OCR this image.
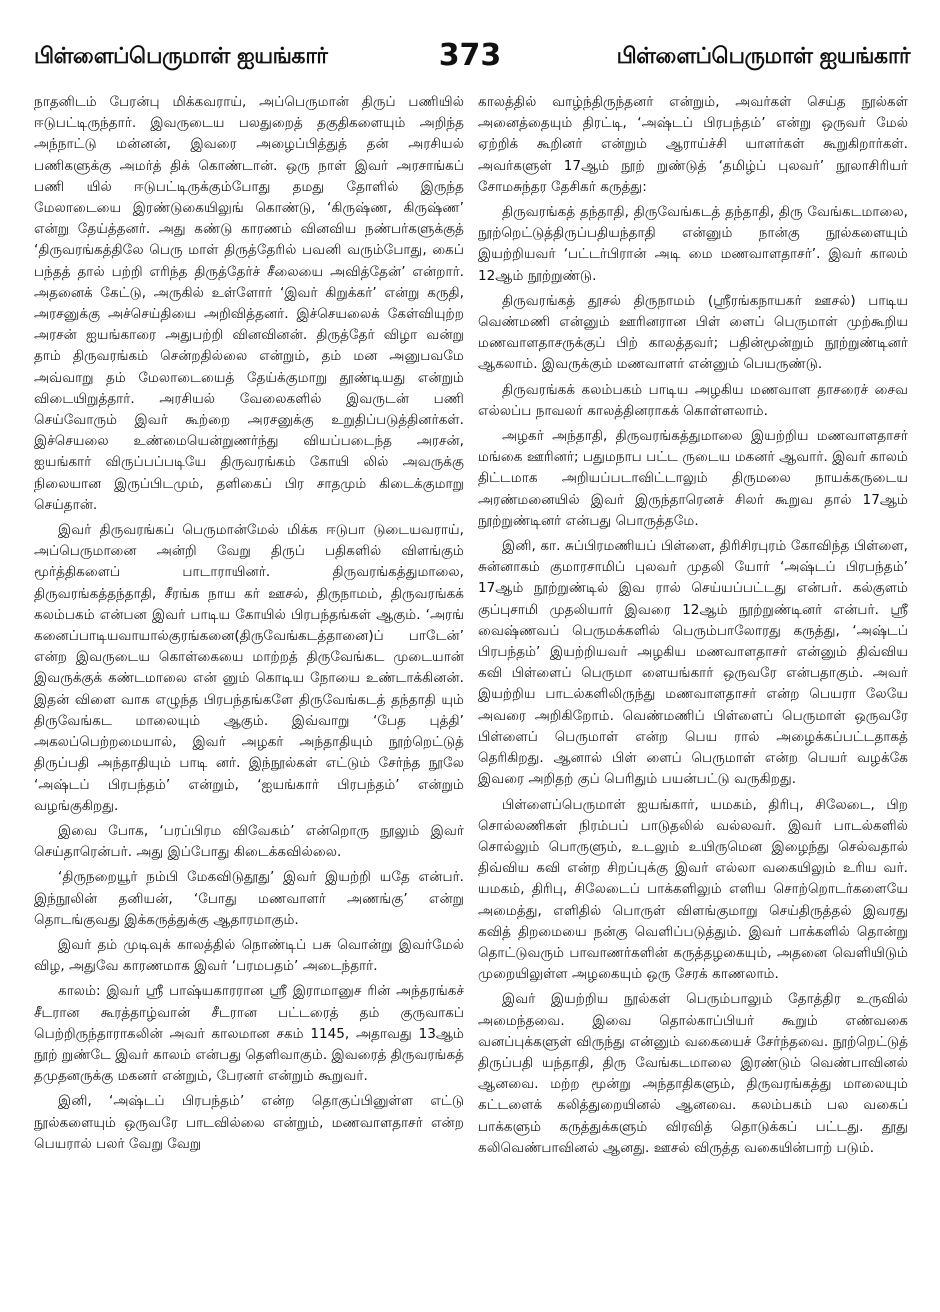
பிள்ளைப்பெருமாள் ஐயங்கார்	373	பிள்ளைப்பெருமாள் ஐயங்கார்

நாதனிடம் பேரன்பு மிக்கவராய், அப்பெருமான் திருப் பணியில் ஈடுபட்டிருந்தார். இவருடைய பலதுறைத் தகுதிகளையும் அறிந்த அந்நாட்டு மன்னன், இவரை அழைப்பித்துத் தன் அரசியல் பணிகளுக்கு அமர்த் திக் கொண்டான். ஒரு நாள் இவர் அரசாங்கப் பணி யில் ஈடுபட்டிருக்கும்போது தமது தோளில் இருந்த மேலாடையை இரண்டுகையிலுங் கொண்டு, ‘கிருஷ்ண, கிருஷ்ண’ என்று தேய்த்தனர். அது கண்டு காரணம் வினவிய நண்பர்களுக்குத் ‘திருவரங்கத்திலே பெரு மாள் திருத்தேரில் பவனி வரும்போது, கைப் பந்தத் தால் பற்றி எரிந்த திருத்தேர்ச் சீலையை அவித்தேன்’ என்றார். அதனைக் கேட்டு, அருகில் உள்ளோர் ‘இவர் கிறுக்கர்’ என்று கருதி, அரசனுக்கு அச்செய்தியை அறிவித்தனர். இச்செயலைக் கேள்வியுற்ற அரசன் ஐயங்காரை அதுபற்றி வினவினன். திருத்தேர் விழா வன்று தாம் திருவரங்கம் சென்றதில்லை என்றும், தம் மன அனுபவமே அவ்வாறு தம் மேலாடையைத் தேய்க்குமாறு தூண்டியது என்றும் விடையிறுத்தார். அரசியல் வேலைகளில் இவருடன் பணி செய்வோரும் இவர் கூற்றை அரசனுக்கு உறுதிப்படுத்தினர்கள். இச்செயலை உண்மையென்றுணர்ந்து வியப்படைந்த அரசன், ஐயங்கார் விருப்பப்படியே திருவரங்கம் கோயி லில் அவருக்கு நிலையான இருப்பிடமும், தளிகைப் பிர சாதமும் கிடைக்குமாறு செய்தான்.

இவர் திருவரங்கப் பெருமான்மேல் மிக்க ஈடுபா டுடையவராய், அப்பெருமானை அன்றி வேறு திருப் பதிகளில் விளங்கும் மூர்த்திகளைப் பாடாராயினர். திருவரங்கத்துமாலை, திருவரங்கத்தந்தாதி, சீரங்க நாய கர் ஊசல், திருநாமம், திருவரங்கக் கலம்பகம் என்பன இவர் பாடிய கோயில் பிரபந்தங்கள் ஆகும். ‘அரங் கனைப்பாடியவாயால்குரங்கனை(திருவேங்கடத்தானை)ப் பாடேன்’ என்ற இவருடைய கொள்கையை மாற்றத் திருவேங்கட முடையான் இவருக்குக் கண்டமாலை என் னும் கொடிய நோயை உண்டாக்கினன். இதன் விளை வாக எழுந்த பிரபந்தங்களே திருவேங்கடத் தந்தாதி யும் திருவேங்கட மாலையும் ஆகும். இவ்வாறு ‘பேத புத்தி’ அகலப்பெற்றமையால், இவர் அழகர் அந்தாதியும் நூற்றெட்டுத் திருப்பதி அந்தாதியும் பாடி னர். இந்நூல்கள் எட்டும் சேர்ந்த நூலே ‘அஷ்டப் பிரபந்தம்’ என்றும், ‘ஐயங்கார் பிரபந்தம்’ என்றும் வழங்குகிறது.

இவை போக, ‘பரப்பிரம விவேகம்’ என்றொரு நூலும் இவர் செய்தாரென்பர். அது இப்போது கிடைக்கவில்லை.

‘திருநறையூர் நம்பி மேகவிடுதூது’ இவர் இயற்றி யதே என்பர். இந்நூலின் தனியன், ‘போது மணவாளர் அணங்கு’ என்று தொடங்குவது இக்கருத்துக்கு ஆதாரமாகும்.

இவர் தம் முடிவுக் காலத்தில் நொண்டிப் பசு வொன்று இவர்மேல் விழ, அதுவே காரணமாக இவர் ‘பரமபதம்’ அடைந்தார்.

காலம்: இவர் ஸ்ரீ பாஷ்யகாரரான ஸ்ரீ இராமானுச ரின் அந்தரங்கச் சீடரான கூரத்தாழ்வான் சீடரான பட்டரைத் தம் குருவாகப் பெற்றிருந்தாராகலின் அவர் காலமான சகம் 1145, அதாவது 13ஆம் நூற் றுண்டே இவர் காலம் என்பது தெளிவாகும். இவரைத் திருவரங்கத் தமுதனருக்கு மகனர் என்றும், பேரனர் என்றும் கூறுவர்.

இனி, ‘அஷ்டப் பிரபந்தம்’ என்ற தொகுப்பினுள்ள எட்டு நூல்களையும் ஒருவரே பாடவில்லை என்றும், மணவாளதாசர் என்ற பெயரால் பலர் வேறு வேறு

காலத்தில் வாழ்ந்திருந்தனர் என்றும், அவர்கள் செய்த நூல்கள் அனைத்தையும் திரட்டி, ‘அஷ்டப் பிரபந்தம்’ என்று ஒருவர் மேல் ஏற்றிக் கூறினர் என்றும் ஆராய்ச்சி யாளர்கள் கூறுகிறார்கள். அவர்களுள் 17ஆம் நூற் றுண்டுத் ‘தமிழ்ப் புலவர்’ நூலாசிரியர் சோமசுந்தர தேசிகர் கருத்து:

திருவரங்கத் தந்தாதி, திருவேங்கடத் தந்தாதி, திரு வேங்கடமாலை, நூற்றெட்டுத்திருப்பதியந்தாதி என்னும் நான்கு நூல்களையும் இயற்றியவர் ‘பட்டர்பிரான் அடி மை மணவாளதாசர்’. இவர் காலம் 12ஆம் நூற்றுண்டு.

திருவரங்கத் தூசல் திருநாமம் (ஸ்ரீரங்கநாயகர் ஊசல்) பாடிய வெண்மணி என்னும் ஊரினரான பிள் ளைப் பெருமாள் முற்கூறிய மணவாளதாசருக்குப் பிற் காலத்தவர்; பதின்மூன்றும் நூற்றுண்டினர் ஆகலாம். இவருக்கும் மணவாளர் என்னும் பெயருண்டு.

திருவரங்கக் கலம்பகம் பாடிய அழகிய மணவாள தாசரைச் சைவ எல்லப்ப நாவலர் காலத்தினராகக் கொள்ளலாம்.

அழகர் அந்தாதி, திருவரங்கத்துமாலை இயற்றிய மணவாளதாசர் மங்கை ஊரினர்; பதுமநாப பட்ட ருடைய மகனர் ஆவார். இவர் காலம் திட்டமாக அறியப்படாவிட்டாலும் திருமலை நாயக்கருடைய அரண்மனையில் இவர் இருந்தாரெனச் சிலர் கூறுவ தால் 17ஆம் நூற்றுண்டினர் என்பது பொருத்தமே.

இனி, கா. சுப்பிரமணியப் பிள்ளை, திரிசிரபுரம் கோவிந்த பிள்ளை, சுன்னாகம் குமாரசாமிப் புலவர் முதலி யோர் ‘அஷ்டப் பிரபந்தம்’ 17ஆம் நூற்றுண்டில் இவ ரால் செய்யப்பட்டது என்பர். கல்குளம் குப்புசாமி முதலியார் இவரை 12ஆம் நூற்றுண்டினர் என்பர். ஸ்ரீ வைஷ்ணவப் பெருமக்களில் பெரும்பாலோரது கருத்து, ‘அஷ்டப் பிரபந்தம்’ இயற்றியவர் அழகிய மணவாளதாசர் என்னும் திவ்விய கவி பிள்ளைப் பெருமா ளையங்கார் ஒருவரே என்பதாகும். அவர் இயற்றிய பாடல்களிலிருந்து மணவாளதாசர் என்ற பெயரா லேயே அவரை அறிகிறோம். வெண்மணிப் பிள்ளைப் பெருமாள் ஒருவரே பிள்ளைப் பெருமாள் என்ற பெய ரால் அழைக்கப்பட்டதாகத் தெரிகிறது. ஆனால் பிள் ளைப் பெருமாள் என்ற பெயர் வழக்கே இவரை அறிதற் குப் பெரிதும் பயன்பட்டு வருகிறது.

பிள்ளைப்பெருமாள் ஐயங்கார், யமகம், திரிபு, சிலேடை, பிற சொல்லணிகள் நிரம்பப் பாடுதலில் வல்லவர். இவர் பாடல்களில் சொல்லும் பொருளும், உடலும் உயிருமென இழைந்து செல்வதால் திவ்விய கவி என்ற சிறப்புக்கு இவர் எல்லா வகையிலும் உரிய வர். யமகம், திரிபு, சிலேடைப் பாக்களிலும் எளிய சொற்றொடர்களையே அமைத்து, எளிதில் பொருள் விளங்குமாறு செய்திருத்தல் இவரது கவித் திறமையை நன்கு வெளிப்படுத்தும். இவர் பாக்களில் தொன்று தொட்டுவரும் பாவாணர்களின் கருத்தழகையும், அதனை வெளியிடும் முறையிலுள்ள அழகையும் ஒரு சேரக் காணலாம்.

இவர் இயற்றிய நூல்கள் பெரும்பாலும் தோத்திர உருவில் அமைந்தவை. இவை தொல்காப்பியர் கூறும் எண்வகை வனப்புக்களுள் விருந்து என்னும் வகையைச் சேர்ந்தவை. நூற்றெட்டுத் திருப்பதி யந்தாதி, திரு வேங்கடமாலை இரண்டும் வெண்பாவினல் ஆனவை. மற்ற மூன்று அந்தாதிகளும், திருவரங்கத்து மாலையும் கட்டளைக் கலித்துறையினல் ஆனவை. கலம்பகம் பல வகைப் பாக்களும் கருத்துக்களும் விரவித் தொடுக்கப் பட்டது. தூது கலிவெண்பாவினல் ஆனது. ஊசல் விருத்த வகையின்பாற் படும்.
